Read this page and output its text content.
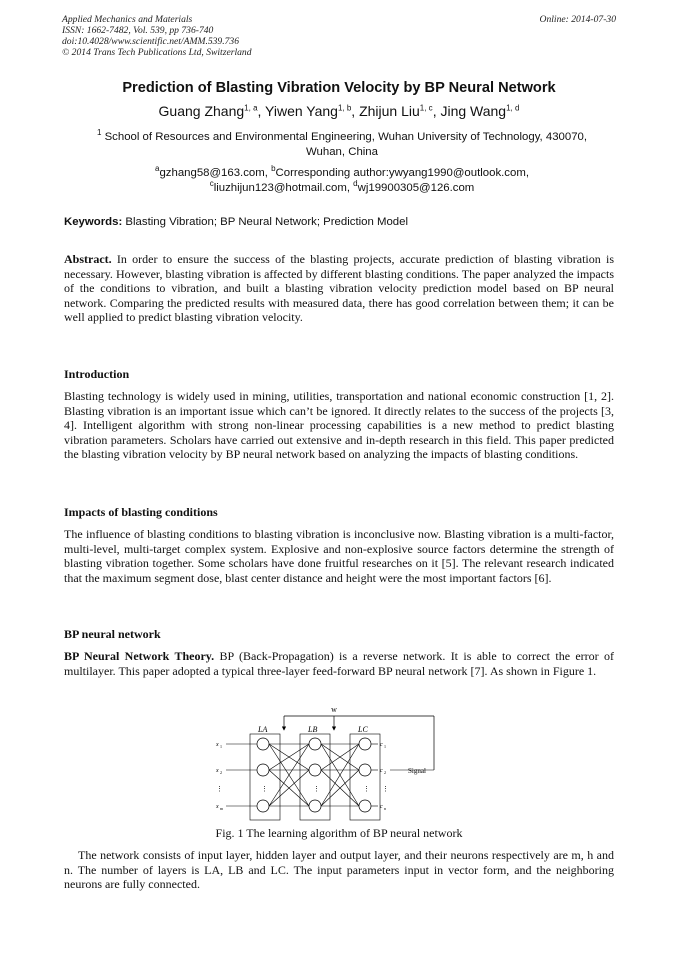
Applied Mechanics and Materials
ISSN: 1662-7482, Vol. 539, pp 736-740
doi:10.4028/www.scientific.net/AMM.539.736
© 2014 Trans Tech Publications Ltd, Switzerland
Online: 2014-07-30
Prediction of Blasting Vibration Velocity by BP Neural Network
Guang Zhang$^{1, a}$, Yiwen Yang$^{1, b}$, Zhijun Liu$^{1, c}$, Jing Wang$^{1, d}$
$^1$ School of Resources and Environmental Engineering, Wuhan University of Technology, 430070, Wuhan, China
$^a$gzhang58@163.com, $^b$Corresponding author:ywyang1990@outlook.com,
$^c$liuzhijun123@hotmail.com, $^d$wj19900305@126.com
Keywords: Blasting Vibration; BP Neural Network; Prediction Model
Abstract. In order to ensure the success of the blasting projects, accurate prediction of blasting vibration is necessary. However, blasting vibration is affected by different blasting conditions. The paper analyzed the impacts of the conditions to vibration, and built a blasting vibration velocity prediction model based on BP neural network. Comparing the predicted results with measured data, there has good correlation between them; it can be well applied to predict blasting vibration velocity.
Introduction
Blasting technology is widely used in mining, utilities, transportation and national economic construction [1, 2]. Blasting vibration is an important issue which can’t be ignored. It directly relates to the success of the projects [3, 4]. Intelligent algorithm with strong non-linear processing capabilities is a new method to predict blasting vibration parameters. Scholars have carried out extensive and in-depth research in this field. This paper predicted the blasting vibration velocity by BP neural network based on analyzing the impacts of blasting conditions.
Impacts of blasting conditions
The influence of blasting conditions to blasting vibration is inconclusive now. Blasting vibration is a multi-factor, multi-level, multi-target complex system. Explosive and non-explosive source factors determine the strength of blasting vibration together. Some scholars have done fruitful researches on it [5]. The relevant research indicated that the maximum segment dose, blast center distance and height were the most important factors [6].
BP neural network
BP Neural Network Theory. BP (Back-Propagation) is a reverse network. It is able to correct the error of multilayer. This paper adopted a typical three-layer feed-forward BP neural network [7]. As shown in Figure 1.
w
LA	LB	LC
Signal
x 1
x 2
x m
c 1
c 2
c n
⋮	⋮	⋮	⋮ ⋮
Fig. 1 The learning algorithm of BP neural network
The network consists of input layer, hidden layer and output layer, and their neurons respectively are m, h and n. The number of layers is LA, LB and LC. The input parameters input in vector form, and the neighboring neurons are fully connected.
